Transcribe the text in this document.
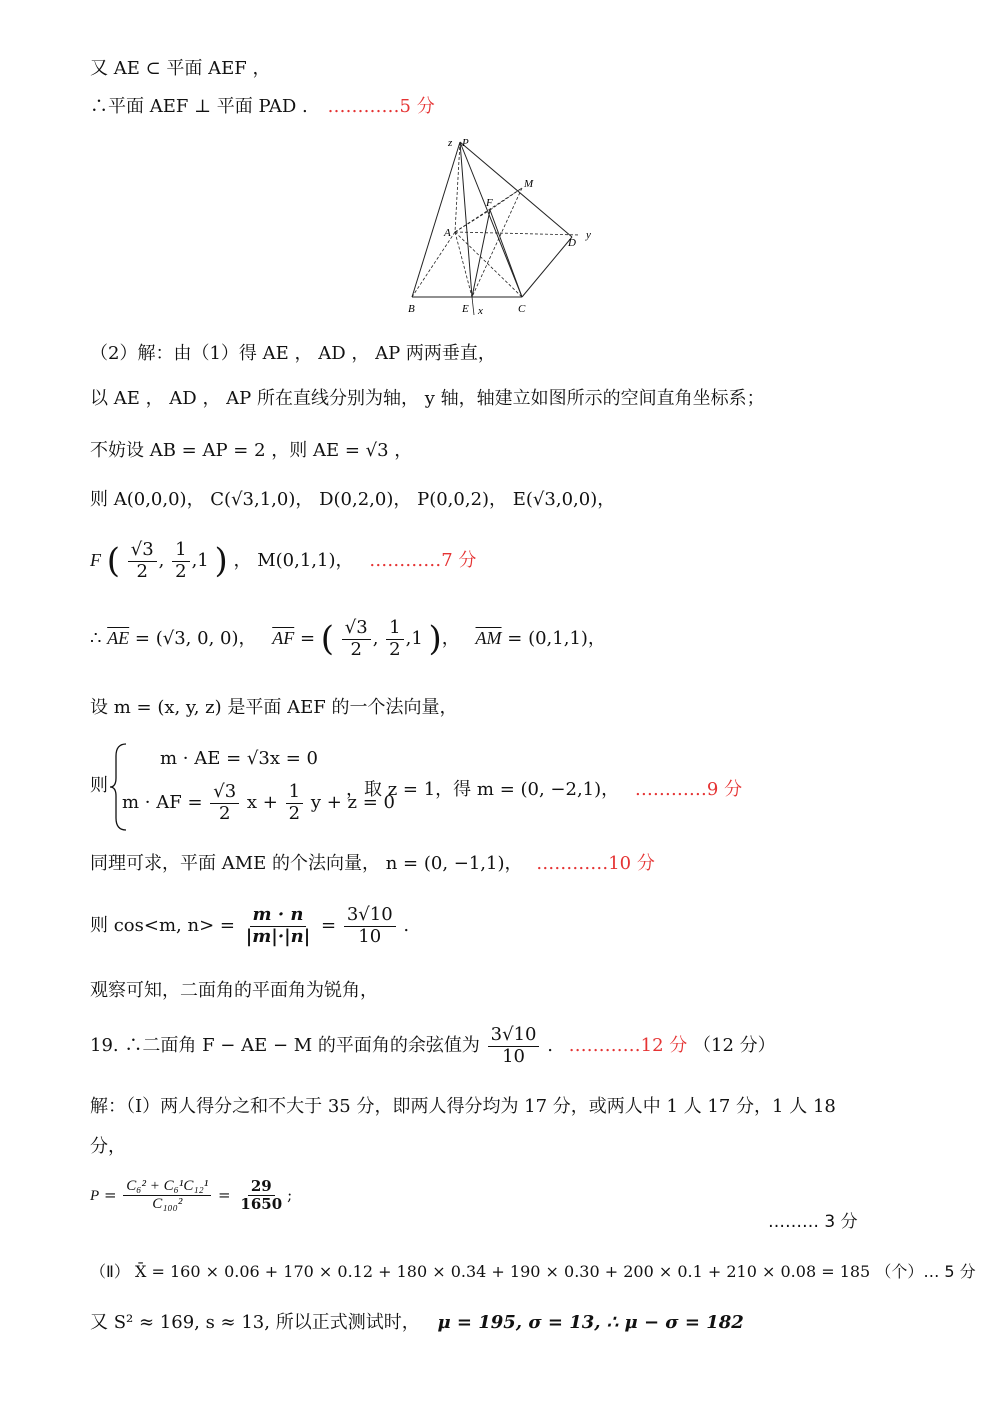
又 AE ⊂ 平面 AEF ，
∴平面 AEF ⊥ 平面 PAD . …………5 分
z P
M
F
A
D
y
B	E x	C
（2）解：由（1）得 AE ， AD ， AP 两两垂直，
以 AE ， AD ， AP 所在直线分别为轴， y 轴，轴建立如图所示的空间直角坐标系；
不妨设 AB = AP = 2 ，则 AE = √3 ，
则 A(0,0,0)， C(√3,1,0)， D(0,2,0)， P(0,0,2)， E(√3,0,0)，
F ( $\frac{√3}{2}$ , $\frac{1}{2} ,1$ ) ， M(0,1,1)， …………7 分
∴ $\overline{AE} = (√3$, 0, 0)， $\overline{AF}$ = ( $\frac{√3}{2}$ , $\frac{1}{2} ,1$ )， $\overline{AM} = (0,1,1)$，
设 m = (x, y, z) 是平面 AEF 的一个法向量，
则
m · AE = √3x = 0
m · AF = $\frac{√3}{2}$ $x + \frac{1}{2}$ y + z = 0
，取 z = 1，得 m = (0, −2,1)， …………9 分
同理可求，平面 AME 的个法向量， n = (0, −1,1)， …………10 分
则 cos<m, $n> = \frac{m \cdot n}{|m|\cdot|n|} = \frac{3√10}{10}$ .
观察可知，二面角的平面角为锐角，
19. ∴二面角 F − AE − M 的平面角的余弦值为 $\frac{3√10}{10}$ . …………12 分 （12 分）
解：（Ⅰ）两人得分之和不大于 35 分，即两人得分均为 17 分，或两人中 1 人 17 分，1 人 18
分，
$P = \frac{\text{C₆² + C₆¹C₁₂¹}}{\text{C₁₀₀²}} = \frac{29}{1650}$ ;
……… 3 分
（Ⅱ） X̄ = 160 × 0.06 + 170 × 0.12 + 180 × 0.34 + 190 × 0.30 + 200 × 0.1 + 210 × 0.08 = 185 （个）… 5 分
又 S² ≈ 169, s ≈ 13, 所以正式测试时， μ = 195, σ = 13, ∴ μ − σ = 182
